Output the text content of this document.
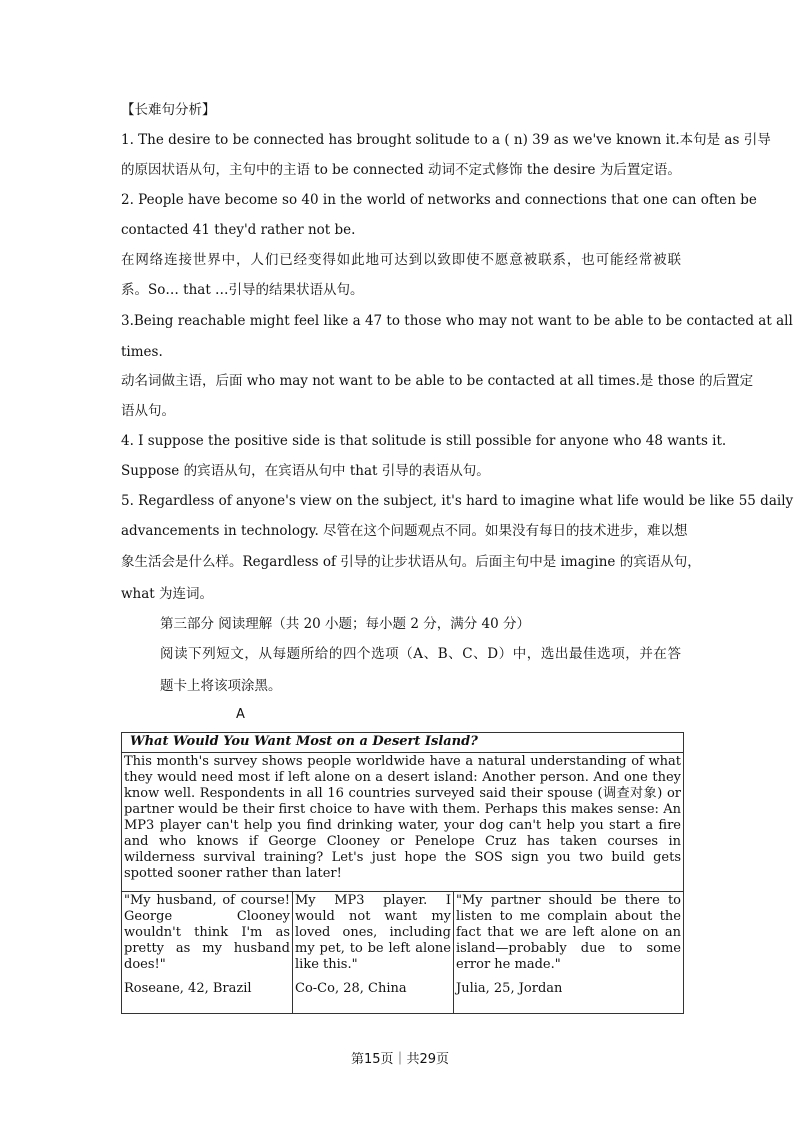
【长难句分析】
1. The desire to be connected has brought solitude to a ( n) 39 as we've known it.本句是 as 引导
的原因状语从句，主句中的主语 to be connected 动词不定式修饰 the desire 为后置定语。
2. People have become so 40 in the world of networks and connections that one can often be
contacted 41 they'd rather not be.
在网络连接世界中，人们已经变得如此地可达到以致即使不愿意被联系，也可能经常被联
系。So… that …引导的结果状语从句。
3.Being reachable might feel like a 47 to those who may not want to be able to be contacted at all
times.
动名词做主语，后面 who may not want to be able to be contacted at all times.是 those 的后置定
语从句。
4. I suppose the positive side is that solitude is still possible for anyone who 48 wants it.
Suppose 的宾语从句，在宾语从句中 that 引导的表语从句。
5. Regardless of anyone's view on the subject, it's hard to imagine what life would be like 55 daily
advancements in technology. 尽管在这个问题观点不同。如果没有每日的技术进步，难以想
象生活会是什么样。Regardless of 引导的让步状语从句。后面主句中是 imagine 的宾语从句，
what 为连词。
第三部分 阅读理解（共 20 小题；每小题 2 分，满分 40 分）
阅读下列短文，从每题所给的四个选项（A、B、C、D）中，选出最佳选项，并在答
题卡上将该项涂黑。
A
What Would You Want Most on a Desert Island?
This month's survey shows people worldwide have a natural understanding of what they would need most if left alone on a desert island: Another person. And one they know well. Respondents in all 16 countries surveyed said their spouse (调查对象) or partner would be their first choice to have with them. Perhaps this makes sense: An MP3 player can't help you find drinking water, your dog can't help you start a fire and who knows if George Clooney or Penelope Cruz has taken courses in wilderness survival training? Let's just hope the SOS sign you two build gets spotted sooner rather than later!

"My husband, of course! George Clooney wouldn't think I'm as pretty as my husband does!"
Roseane, 42, Brazil

My MP3 player. I would not want my loved ones, including my pet, to be left alone like this."
Co-Co, 28, China

"My partner should be there to listen to me complain about the fact that we are left alone on an island—probably due to some error he made."
Julia, 25, Jordan
第15页｜共29页
